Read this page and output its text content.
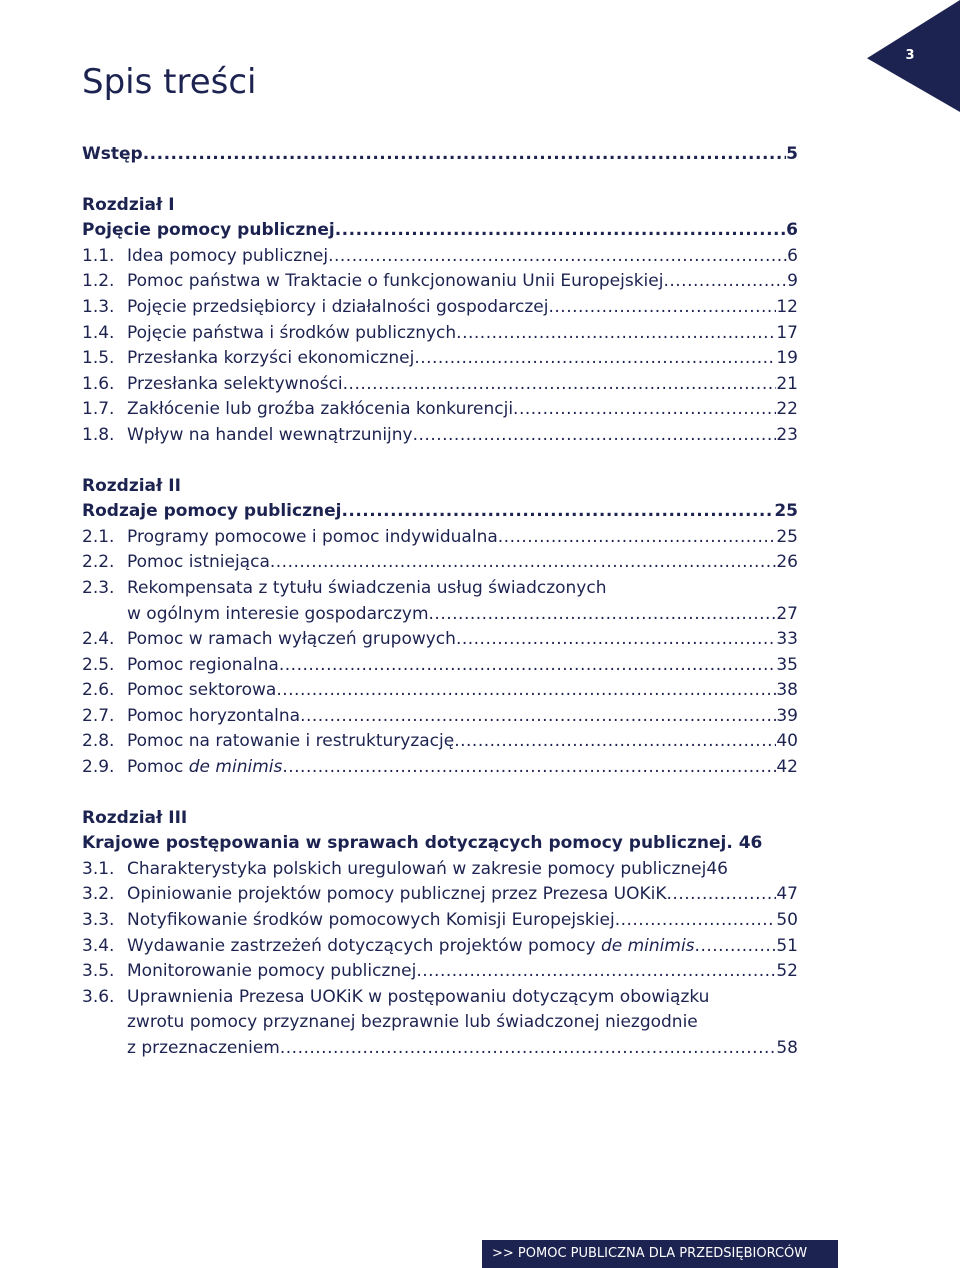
3
Spis treści
Wstęp .....	5
Rozdział I
Pojęcie pomocy publicznej .....	6
1.1. Idea pomocy publicznej .....	6
1.2. Pomoc państwa w Traktacie o funkcjonowaniu Unii Europejskiej .....	9
1.3. Pojęcie przedsiębiorcy i działalności gospodarczej .....	12
1.4. Pojęcie państwa i środków publicznych .....	17
1.5. Przesłanka korzyści ekonomicznej .....	19
1.6. Przesłanka selektywności .....	21
1.7. Zakłócenie lub groźba zakłócenia konkurencji .....	22
1.8. Wpływ na handel wewnątrzunijny .....	23
Rozdział II
Rodzaje pomocy publicznej .....	25
2.1. Programy pomocowe i pomoc indywidualna .....	25
2.2. Pomoc istniejąca .....	26
2.3. Rekompensata z tytułu świadczenia usług świadczonych
w ogólnym interesie gospodarczym .....	27
2.4. Pomoc w ramach wyłączeń grupowych .....	33
2.5. Pomoc regionalna .....	35
2.6. Pomoc sektorowa .....	38
2.7. Pomoc horyzontalna .....	39
2.8. Pomoc na ratowanie i restrukturyzację .....	40
2.9. Pomoc de minimis .....	42
Rozdział III
Krajowe postępowania w sprawach dotyczących pomocy publicznej . 46
3.1. Charakterystyka polskich uregulowań w zakresie pomocy publicznej 46
3.2. Opiniowanie projektów pomocy publicznej przez Prezesa UOKiK .....	47
3.3. Notyfikowanie środków pomocowych Komisji Europejskiej .....	50
3.4. Wydawanie zastrzeżeń dotyczących projektów pomocy de minimis .....	51
3.5. Monitorowanie pomocy publicznej .....	52
3.6. Uprawnienia Prezesa UOKiK w postępowaniu dotyczącym obowiązku
zwrotu pomocy przyznanej bezprawnie lub świadczonej niezgodnie
z przeznaczeniem .....	58
>> POMOC PUBLICZNA DLA PRZEDSIĘBIORCÓW
